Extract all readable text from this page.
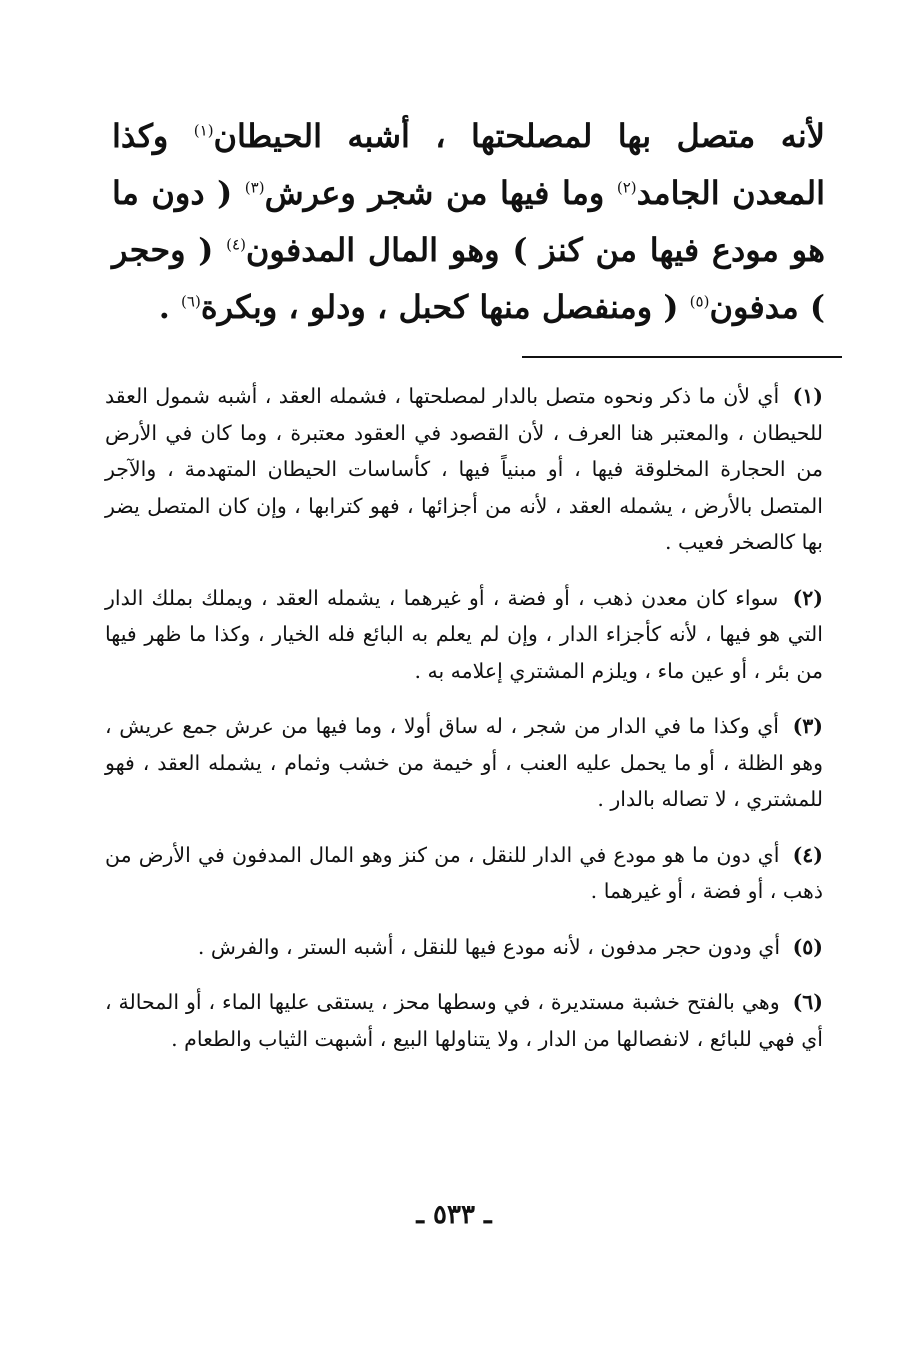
لأنه متصل بها لمصلحتها ، أشبه الحيطان$^{(١)}$ وكذا المعدن الجامد$^{(٢)}$ وما فيها من شجر وعرش$^{(٣)}$ ( دون ما هو مودع فيها من كنز ) وهو المال المدفون$^{(٤)}$ ( وحجر ) مدفون$^{(٥)}$ ( ومنفصل منها كحبل ، ودلو ، وبكرة$^{(٦)}$ .

(١) أي لأن ما ذكر ونحوه متصل بالدار لمصلحتها ، فشمله العقد ، أشبه شمول العقد للحيطان ، والمعتبر هنا العرف ، لأن القصود في العقود معتبرة ، وما كان في الأرض من الحجارة المخلوقة فيها ، أو مبنياً فيها ، كأساسات الحيطان المتهدمة ، والآجر المتصل بالأرض ، يشمله العقد ، لأنه من أجزائها ، فهو كترابها ، وإن كان المتصل يضر بها كالصخر فعيب .

(٢) سواء كان معدن ذهب ، أو فضة ، أو غيرهما ، يشمله العقد ، ويملك بملك الدار التي هو فيها ، لأنه كأجزاء الدار ، وإن لم يعلم به البائع فله الخيار ، وكذا ما ظهر فيها من بئر ، أو عين ماء ، ويلزم المشتري إعلامه به .

(٣) أي وكذا ما في الدار من شجر ، له ساق أولا ، وما فيها من عرش جمع عريش ، وهو الظلة ، أو ما يحمل عليه العنب ، أو خيمة من خشب وثمام ، يشمله العقد ، فهو للمشتري ، لا تصاله بالدار .

(٤) أي دون ما هو مودع في الدار للنقل ، من كنز وهو المال المدفون في الأرض من ذهب ، أو فضة ، أو غيرهما .

(٥) أي ودون حجر مدفون ، لأنه مودع فيها للنقل ، أشبه الستر ، والفرش .

(٦) وهي بالفتح خشبة مستديرة ، في وسطها محز ، يستقى عليها الماء ، أو المحالة ، أي فهي للبائع ، لانفصالها من الدار ، ولا يتناولها البيع ، أشبهت الثياب والطعام .

ـ ٥٣٣ ـ
